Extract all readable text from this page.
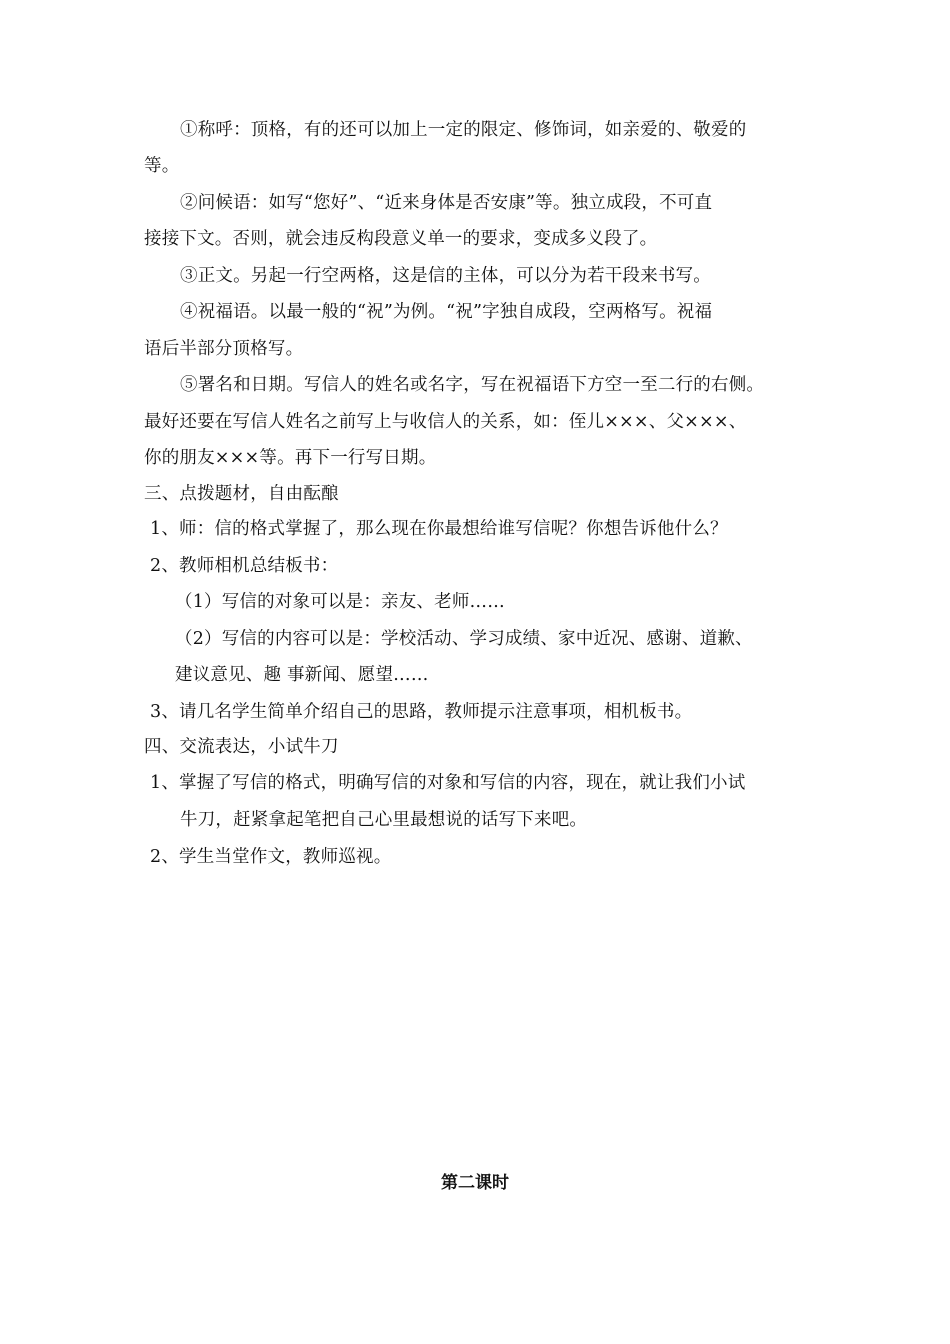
①称呼：顶格，有的还可以加上一定的限定、修饰词，如亲爱的、敬爱的
等。
②问候语：如写“您好”、“近来身体是否安康”等。独立成段，不可直
接接下文。否则，就会违反构段意义单一的要求，变成多义段了。
③正文。另起一行空两格，这是信的主体，可以分为若干段来书写。
④祝福语。以最一般的“祝”为例。“祝”字独自成段，空两格写。祝福
语后半部分顶格写。
⑤署名和日期。写信人的姓名或名字，写在祝福语下方空一至二行的右侧。
最好还要在写信人姓名之前写上与收信人的关系，如：侄儿×××、父×××、
你的朋友×××等。再下一行写日期。
三、点拨题材，自由酝酿
1、师：信的格式掌握了，那么现在你最想给谁写信呢？你想告诉他什么？
2、教师相机总结板书：
（1）写信的对象可以是：亲友、老师……
（2）写信的内容可以是：学校活动、学习成绩、家中近况、感谢、道歉、
建议意见、趣 事新闻、愿望……
3、请几名学生简单介绍自己的思路，教师提示注意事项，相机板书。
四、交流表达，小试牛刀
1、掌握了写信的格式，明确写信的对象和写信的内容，现在，就让我们小试
牛刀，赶紧拿起笔把自己心里最想说的话写下来吧。
2、学生当堂作文，教师巡视。
第二课时
